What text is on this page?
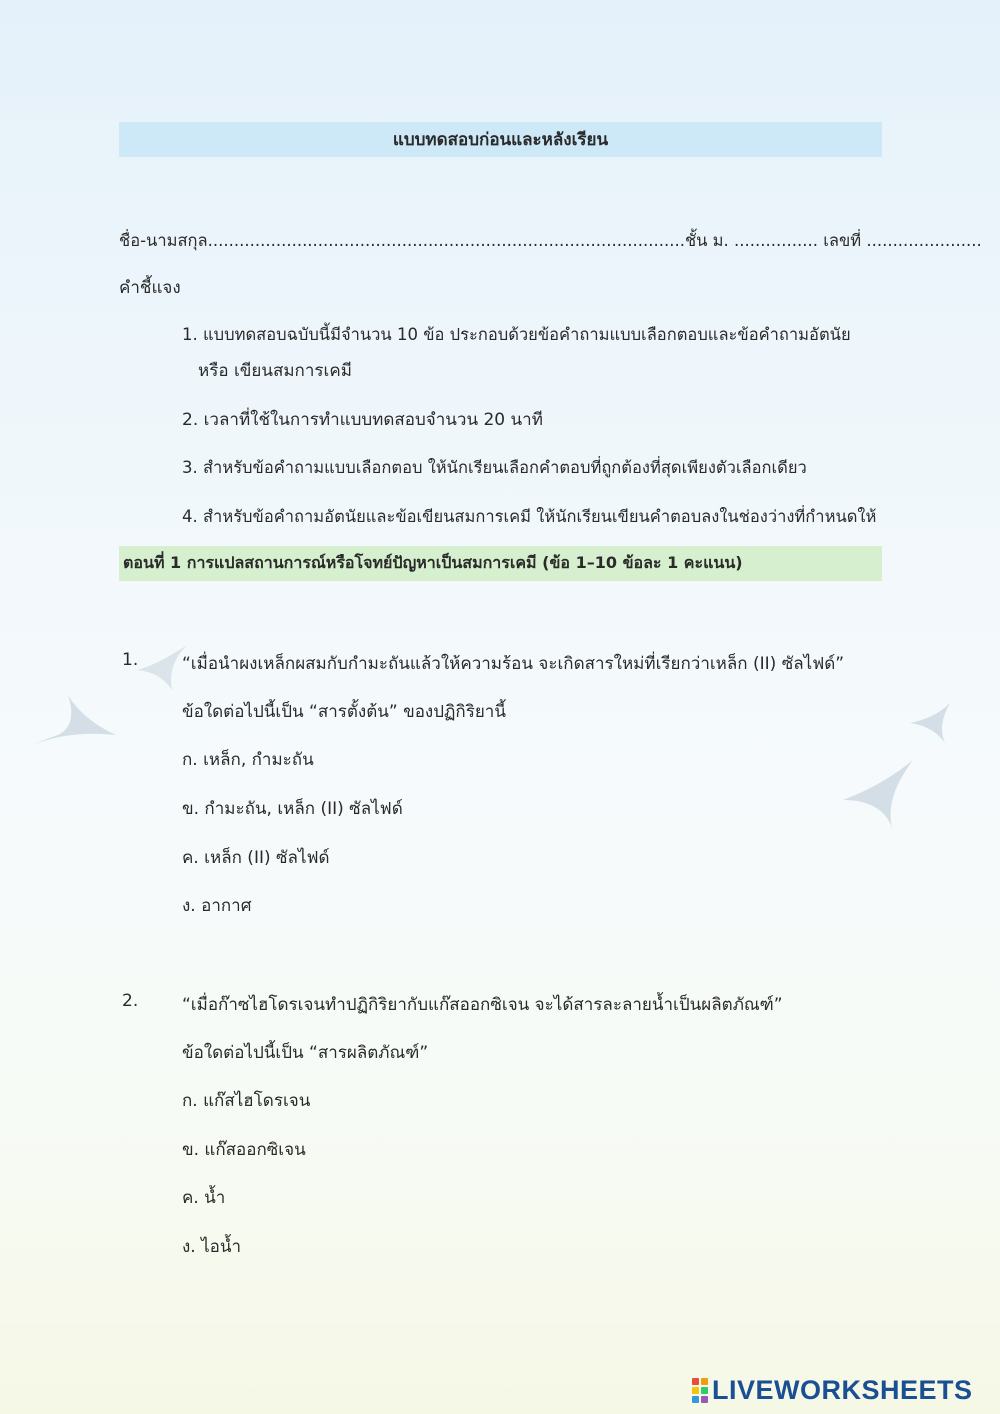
แบบทดสอบก่อนและหลังเรียน
ชื่อ-นามสกุล...........................................................................................ชั้น ม. ................ เลขที่ ......................
คำชี้แจง
1. แบบทดสอบฉบับนี้มีจำนวน 10 ข้อ ประกอบด้วยข้อคำถามแบบเลือกตอบและข้อคำถามอัตนัย
หรือ เขียนสมการเคมี
2. เวลาที่ใช้ในการทำแบบทดสอบจำนวน 20 นาที
3. สำหรับข้อคำถามแบบเลือกตอบ ให้นักเรียนเลือกคำตอบที่ถูกต้องที่สุดเพียงตัวเลือกเดียว
4. สำหรับข้อคำถามอัตนัยและข้อเขียนสมการเคมี ให้นักเรียนเขียนคำตอบลงในช่องว่างที่กำหนดให้
ตอนที่ 1 การแปลสถานการณ์หรือโจทย์ปัญหาเป็นสมการเคมี (ข้อ 1–10 ข้อละ 1 คะแนน)
1.	“เมื่อนำผงเหล็กผสมกับกำมะถันแล้วให้ความร้อน จะเกิดสารใหม่ที่เรียกว่าเหล็ก (II) ซัลไฟด์”
ข้อใดต่อไปนี้เป็น “สารตั้งต้น” ของปฏิกิริยานี้
ก. เหล็ก, กำมะถัน
ข. กำมะถัน, เหล็ก (II) ซัลไฟด์
ค. เหล็ก (II) ซัลไฟด์
ง. อากาศ
2.	“เมื่อก๊าซไฮโดรเจนทำปฏิกิริยากับแก๊สออกซิเจน จะได้สารละลายน้ำเป็นผลิตภัณฑ์”
ข้อใดต่อไปนี้เป็น “สารผลิตภัณฑ์”
ก. แก๊สไฮโดรเจน
ข. แก๊สออกซิเจน
ค. น้ำ
ง. ไอน้ำ
LIVEWORKSHEETS
